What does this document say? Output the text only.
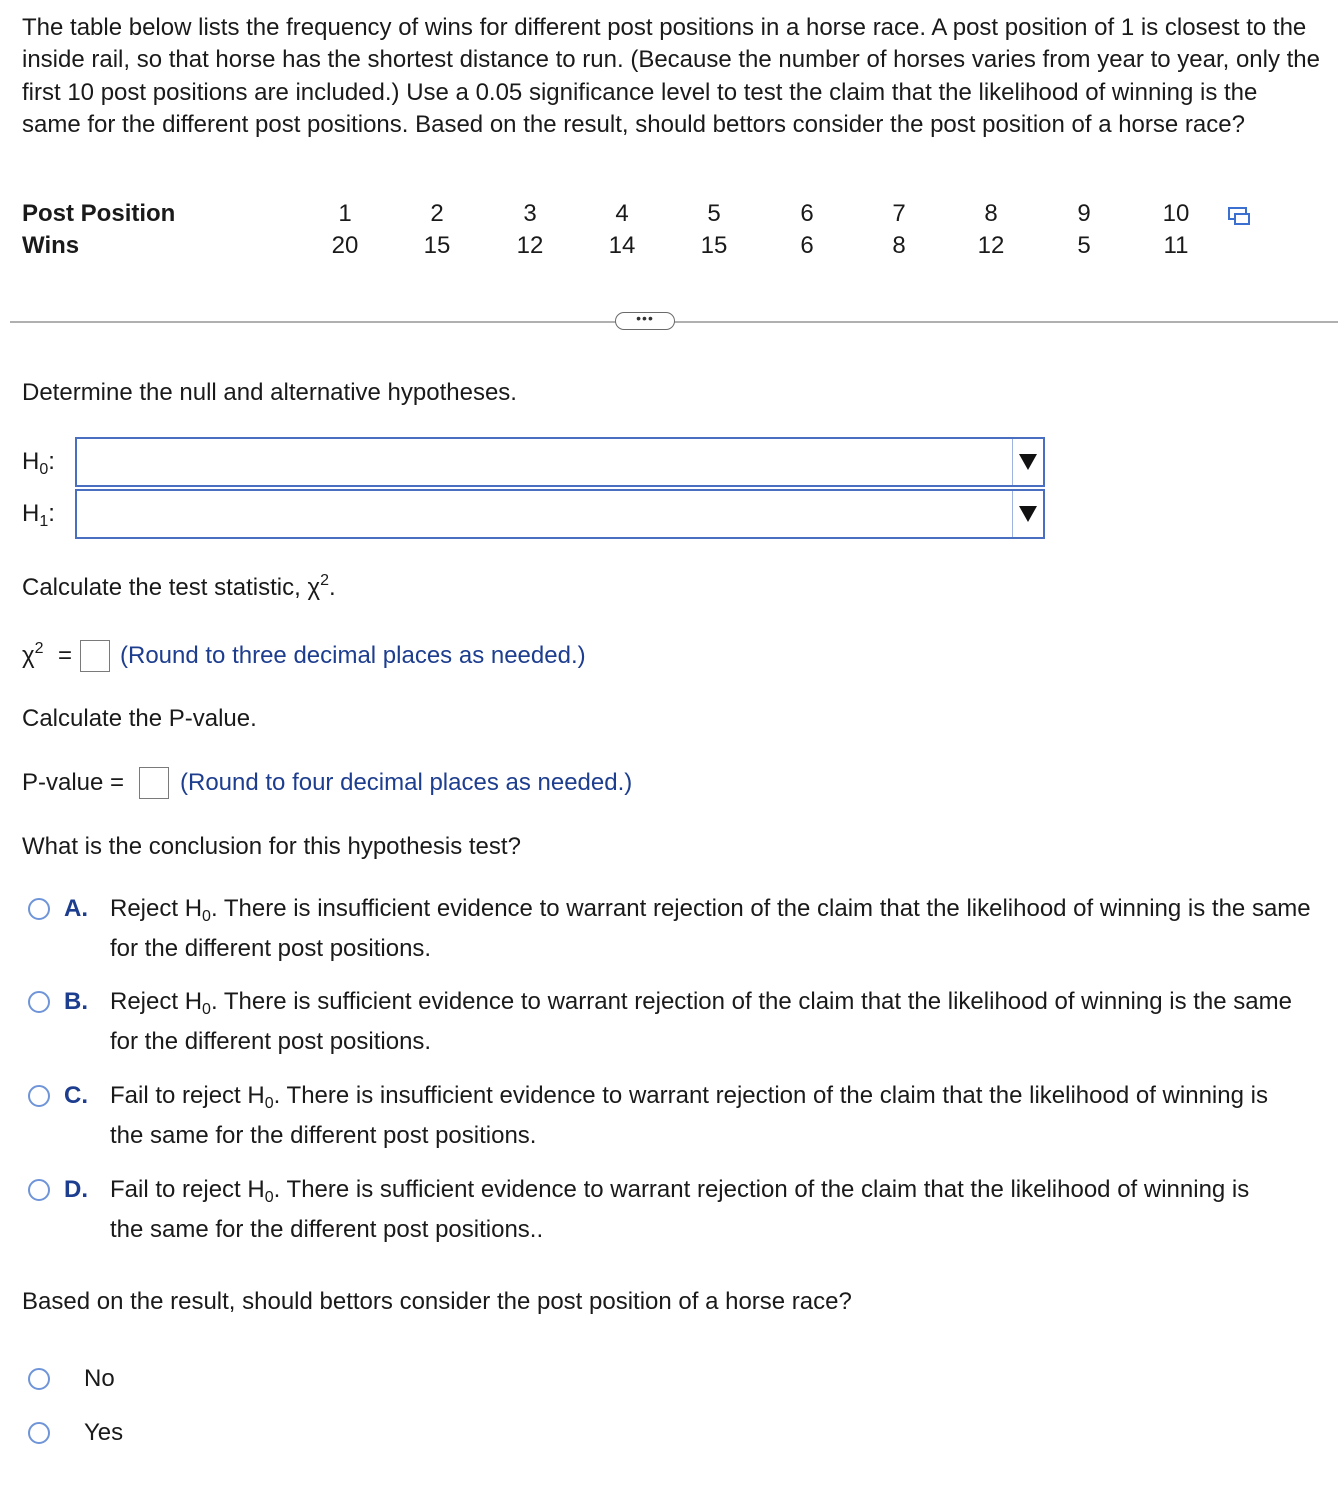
The table below lists the frequency of wins for different post positions in a horse race. A post position of 1 is closest to the inside rail, so that horse has the shortest distance to run. (Because the number of horses varies from year to year, only the first 10 post positions are included.) Use a 0.05 significance level to test the claim that the likelihood of winning is the same for the different post positions. Based on the result, should bettors consider the post position of a horse race?
Post Position	1	2	3	4	5	6	7	8	9	10
Wins	20	15	12	14	15	6	8	12	5	11
•••
Determine the null and alternative hypotheses.
$H_0$:
$H_1$:
Calculate the test statistic, $\chi^2$.
$\chi^2$ = (Round to three decimal places as needed.)
Calculate the P-value.
P-value = (Round to four decimal places as needed.)
What is the conclusion for this hypothesis test?
A. Reject $H_0$. There is insufficient evidence to warrant rejection of the claim that the likelihood of winning is the same for the different post positions.
B. Reject $H_0$. There is sufficient evidence to warrant rejection of the claim that the likelihood of winning is the same for the different post positions.
C. Fail to reject $H_0$. There is insufficient evidence to warrant rejection of the claim that the likelihood of winning is the same for the different post positions.
D. Fail to reject $H_0$. There is sufficient evidence to warrant rejection of the claim that the likelihood of winning is the same for the different post positions..
Based on the result, should bettors consider the post position of a horse race?
No
Yes
